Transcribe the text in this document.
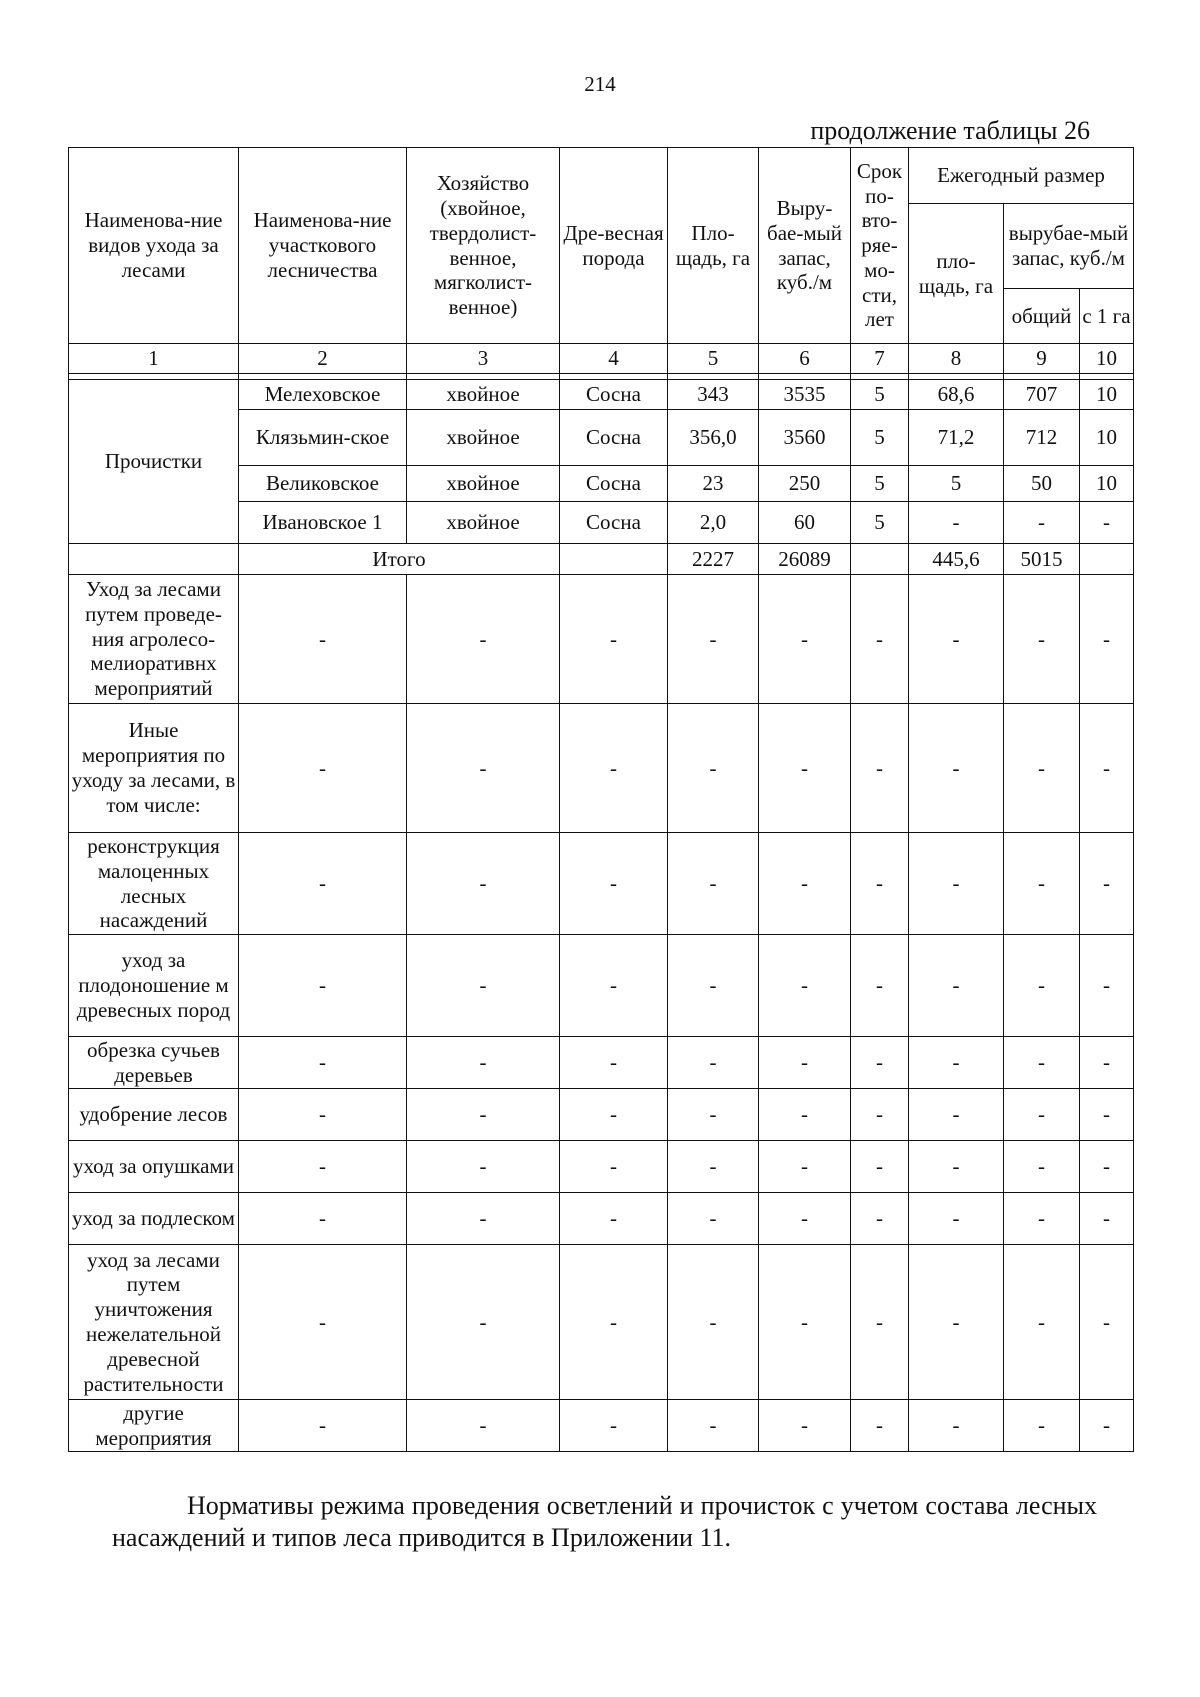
214
продолжение таблицы 26
Наименова-ние видов ухода за лесами	Наименова-ние участкового лесничества	Хозяйство (хвойное, твердолист-венное, мягколист-венное)	Дре-весная порода	Пло-щадь, га	Выру-бае-мый запас, куб./м	Срок по-вто-ряе-мо-сти, лет	Ежегодный размер		
							пло-щадь, га	вырубае-мый запас, куб./м	
								общий	с 1 га
1	2	3	4	5	6	7	8	9	10

Прочистки	Мелеховское	хвойное	Сосна	343	3535	5	68,6	707	10
	Клязьмин-ское	хвойное	Сосна	356,0	3560	5	71,2	712	10
	Великовское	хвойное	Сосна	23	250	5	5	50	10
	Ивановское 1	хвойное	Сосна	2,0	60	5	-	-	-
	Итого			2227	26089		445,6	5015	
Уход за лесами путем проведе-ния агролесо-мелиоративнх мероприятий	-	-	-	-	-	-	-	-	-
Иные мероприятия по уходу за лесами, в том числе:	-	-	-	-	-	-	-	-	-
реконструкция малоценных лесных насаждений	-	-	-	-	-	-	-	-	-
уход за плодоношение м древесных пород	-	-	-	-	-	-	-	-	-
обрезка сучьев деревьев	-	-	-	-	-	-	-	-	-
удобрение лесов	-	-	-	-	-	-	-	-	-
уход за опушками	-	-	-	-	-	-	-	-	-
уход за подлеском	-	-	-	-	-	-	-	-	-
уход за лесами путем уничтожения нежелательной древесной растительности	-	-	-	-	-	-	-	-	-
другие мероприятия	-	-	-	-	-	-	-	-	-
Нормативы режима проведения осветлений и прочисток с учетом состава лесных насаждений и типов леса приводится в Приложении 11.
